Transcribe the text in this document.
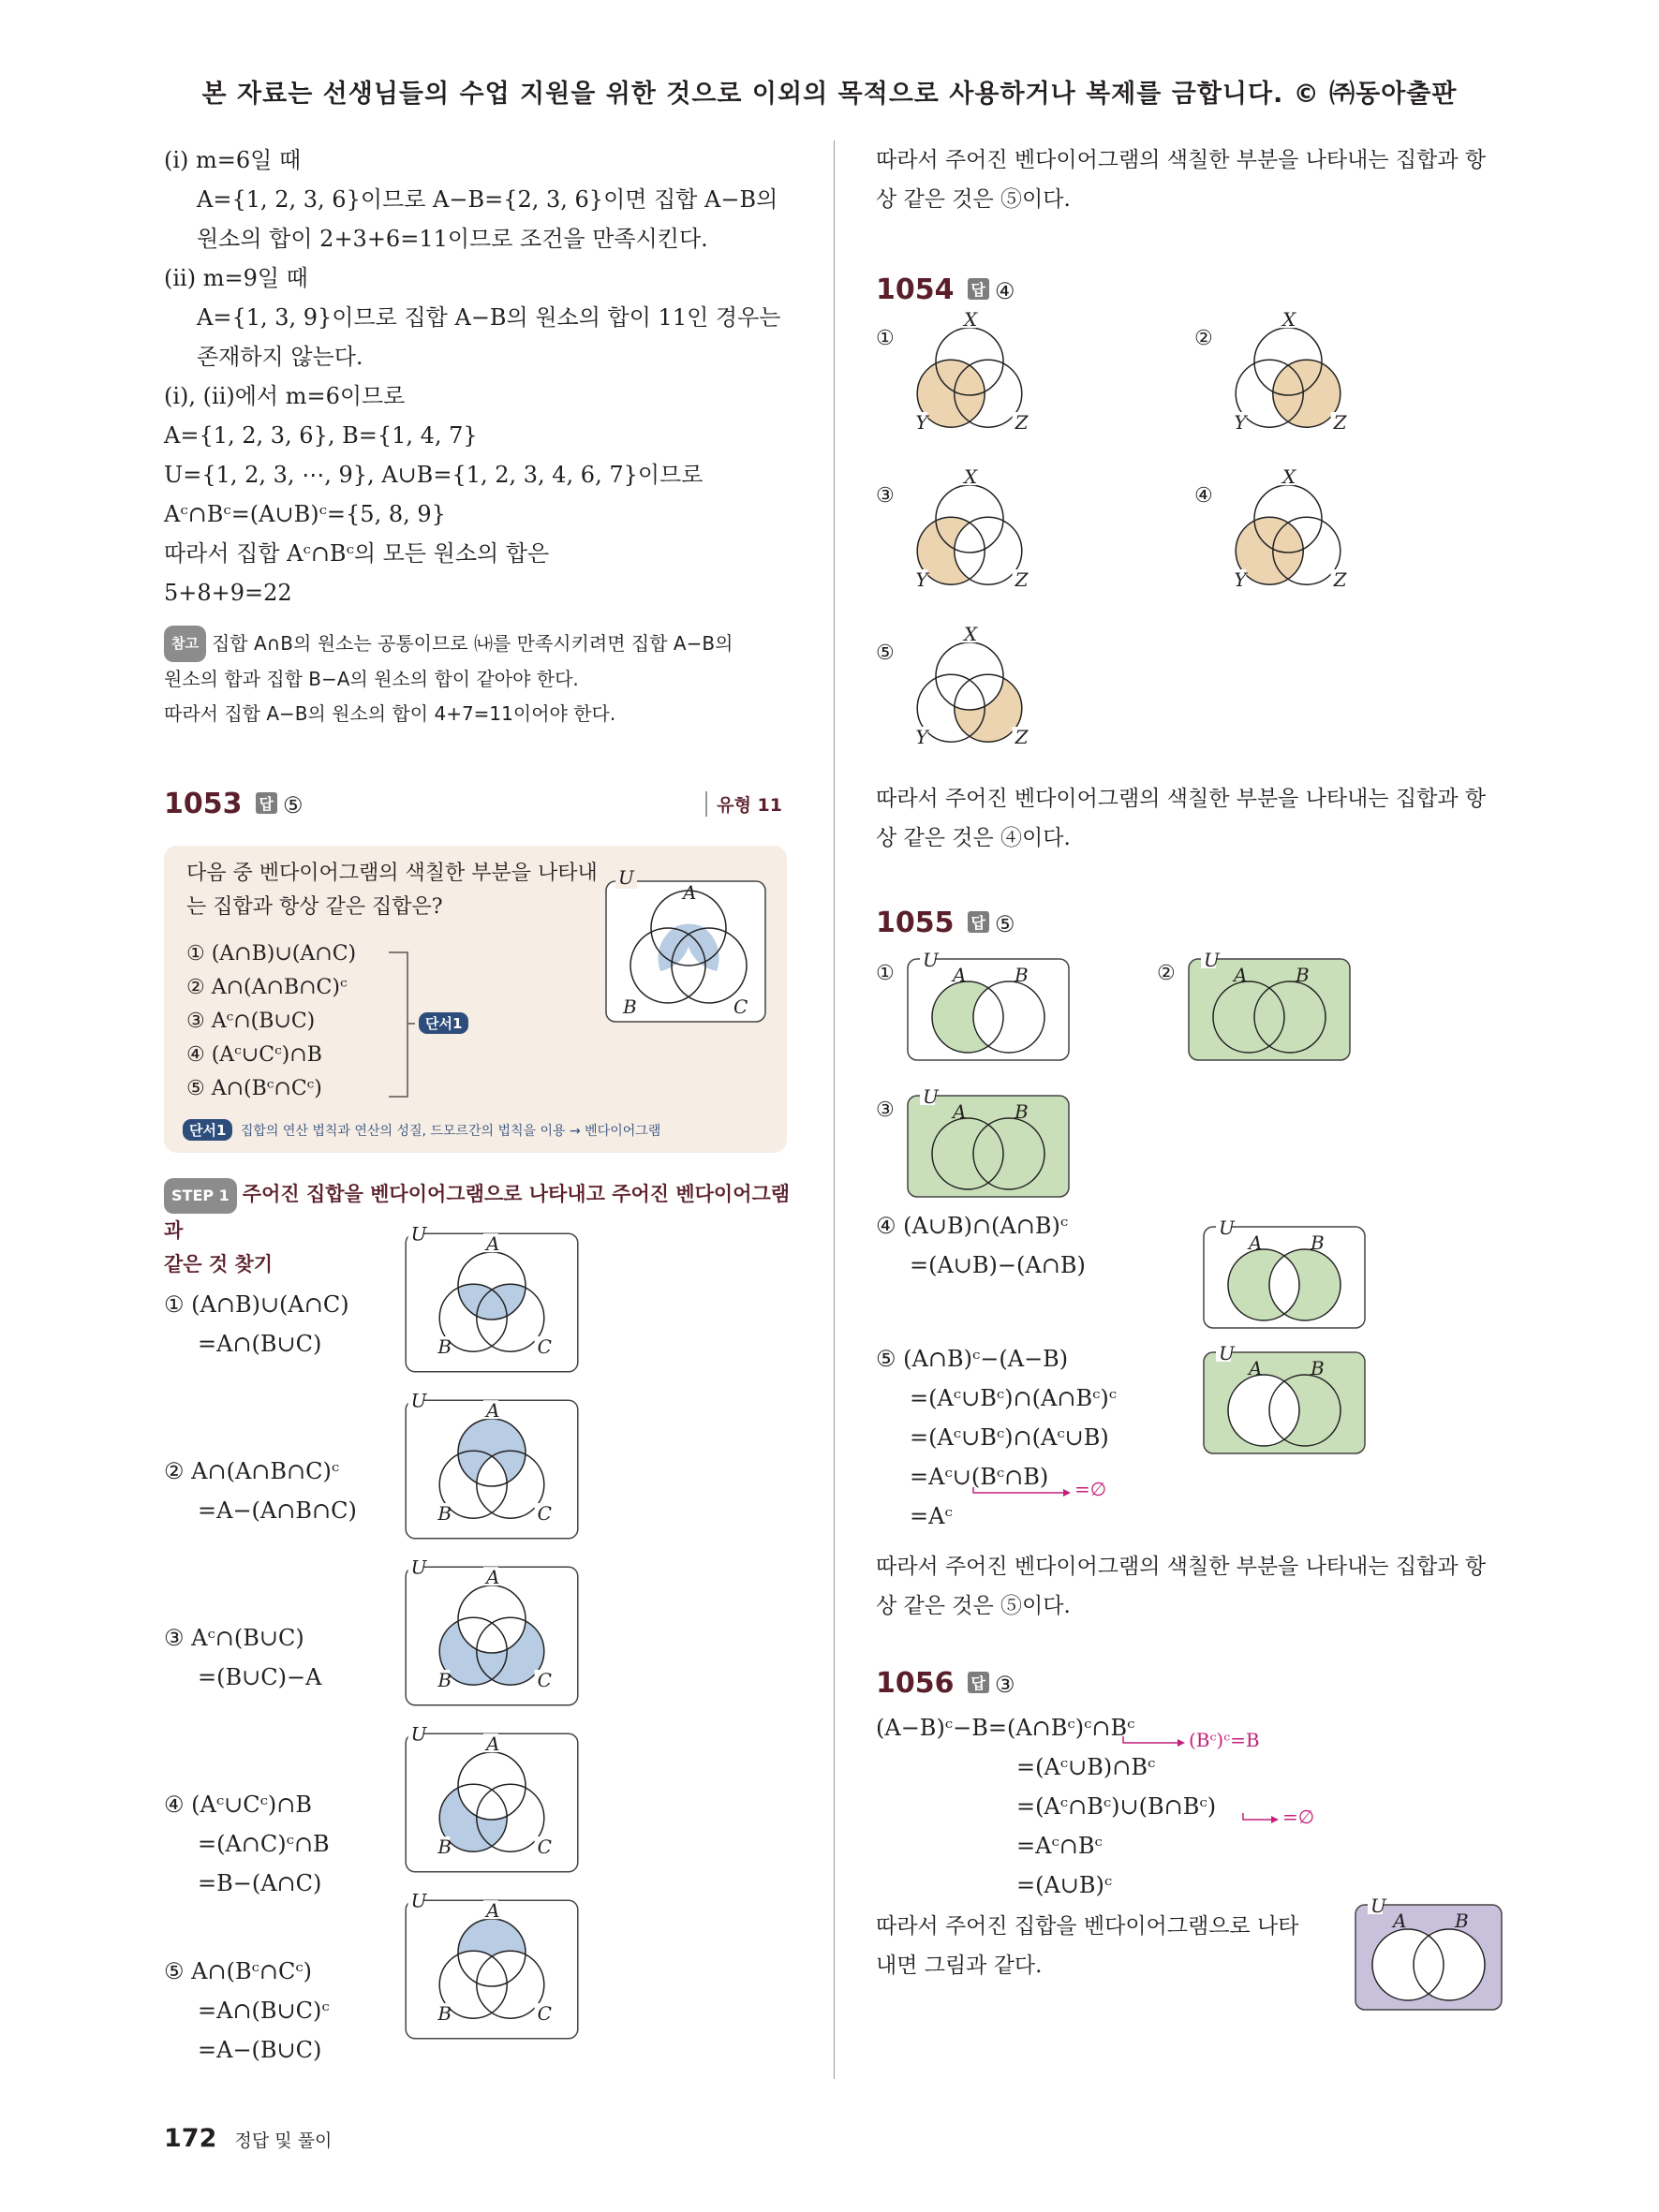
본 자료는 선생님들의 수업 지원을 위한 것으로 이외의 목적으로 사용하거나 복제를 금합니다. © ㈜동아출판
(i) m=6일 때
A={1, 2, 3, 6}이므로 A−B={2, 3, 6}이면 집합 A−B의
원소의 합이 2+3+6=11이므로 조건을 만족시킨다.
(ii) m=9일 때
A={1, 3, 9}이므로 집합 A−B의 원소의 합이 11인 경우는
존재하지 않는다.
(i), (ii)에서 m=6이므로
A={1, 2, 3, 6}, B={1, 4, 7}
U={1, 2, 3, ⋯, 9}, A∪B={1, 2, 3, 4, 6, 7}이므로
Aᶜ∩Bᶜ=(A∪B)ᶜ={5, 8, 9}
따라서 집합 Aᶜ∩Bᶜ의 모든 원소의 합은
5+8+9=22
참고 집합 A∩B의 원소는 공통이므로 ㈏를 만족시키려면 집합 A−B의
원소의 합과 집합 B−A의 원소의 합이 같아야 한다.
따라서 집합 A−B의 원소의 합이 4+7=11이어야 한다.
1053 답 ⑤	유형 11
다음 중 벤다이어그램의 색칠한 부분을 나타내
는 집합과 항상 같은 집합은?
① (A∩B)∪(A∩C)
② A∩(A∩B∩C)ᶜ
③ Aᶜ∩(B∪C)
④ (Aᶜ∪Cᶜ)∩B
⑤ A∩(Bᶜ∩Cᶜ)
단서1
단서1 집합의 연산 법칙과 연산의 성질, 드모르간의 법칙을 이용 → 벤다이어그램
U
A
B	C
STEP 1 주어진 집합을 벤다이어그램으로 나타내고 주어진 벤다이어그램과
같은 것 찾기
① (A∩B)∪(A∩C)
=A∩(B∪C)
② A∩(A∩B∩C)ᶜ
=A−(A∩B∩C)
③ Aᶜ∩(B∪C)
=(B∪C)−A
④ (Aᶜ∪Cᶜ)∩B
=(A∩C)ᶜ∩B
=B−(A∩C)
⑤ A∩(Bᶜ∩Cᶜ)
=A∩(B∪C)ᶜ
=A−(B∪C)
U	A
B	C
U	A
B	C
U	A
B	C
U	A
B	C
U	A
B	C
따라서 주어진 벤다이어그램의 색칠한 부분을 나타내는 집합과 항
상 같은 것은 ⑤이다.
1054 답 ④
①
X
Y	Z
②
X
Y	Z
③
X
Y	Z
④
X
Y	Z
⑤
X
Y	Z
따라서 주어진 벤다이어그램의 색칠한 부분을 나타내는 집합과 항
상 같은 것은 ④이다.
1055 답 ⑤
①
U
A	B	②
U
A	B
③
U
A	B
U
A	B
U
A	B
④ (A∪B)∩(A∩B)ᶜ
=(A∪B)−(A∩B)
⑤ (A∩B)ᶜ−(A−B)
=(Aᶜ∪Bᶜ)∩(A∩Bᶜ)ᶜ
=(Aᶜ∪Bᶜ)∩(Aᶜ∪B)
=Aᶜ∪(Bᶜ∩B)
=Aᶜ
=∅
따라서 주어진 벤다이어그램의 색칠한 부분을 나타내는 집합과 항
상 같은 것은 ⑤이다.
1056 답 ③
(A−B)ᶜ−B=(A∩Bᶜ)ᶜ∩Bᶜ
=(Aᶜ∪B)∩Bᶜ
=(Aᶜ∩Bᶜ)∪(B∩Bᶜ)
=Aᶜ∩Bᶜ
=(A∪B)ᶜ
(Bᶜ)ᶜ=B
=∅
따라서 주어진 집합을 벤다이어그램으로 나타
내면 그림과 같다.
U
A	B
172 정답 및 풀이
